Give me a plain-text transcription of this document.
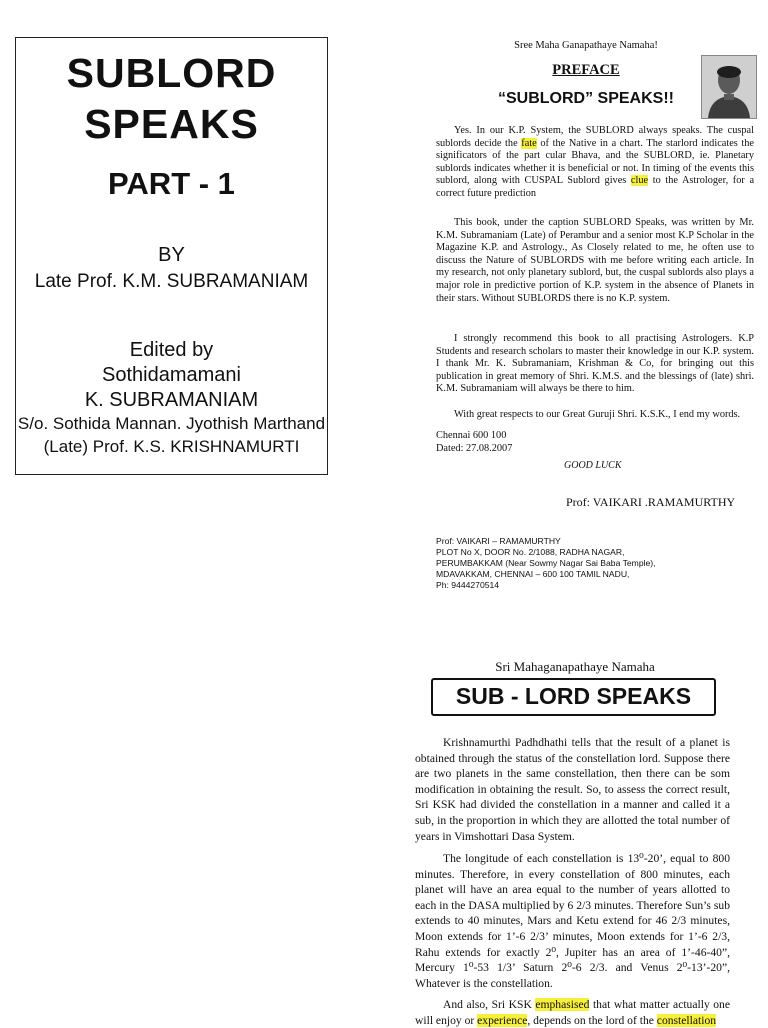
SUBLORD
SPEAKS
PART - 1
BY
Late Prof. K.M. SUBRAMANIAM
Edited by
Sothidamamani
K. SUBRAMANIAM
S/o. Sothida Mannan. Jyothish Marthand
(Late) Prof. K.S. KRISHNAMURTI
Sree Maha Ganapathaye Namaha!
PREFACE
“SUBLORD” SPEAKS!!

Yes. In our K.P. System, the SUBLORD always speaks. The cuspal sublords decide the fate of the Native in a chart. The starlord indicates the significators of the part cular Bhava, and the SUBLORD, ie. Planetary sublords indicates whether it is beneficial or not. In timing of the events this sublord, along with CUSPAL Sublord gives clue to the Astrologer, for a correct future prediction

This book, under the caption SUBLORD Speaks, was written by Mr. K.M. Subramaniam (Late) of Perambur and a senior most K.P Scholar in the Magazine K.P. and Astrology., As Closely related to me, he often use to discuss the Nature of SUBLORDS with me before writing each article. In my research, not only planetary sublord, but, the cuspal sublords also plays a major role in predictive portion of K.P. system in the absence of Planets in their stars. Without SUBLORDS there is no K.P. system.

I strongly recommend this book to all practising Astrologers. K.P Students and research scholars to master their knowledge in our K.P. system. I thank Mr. K. Subramaniam, Krishman & Co, for bringing out this publication in great memory of Shri. K.M.S. and the blessings of (late) shri. K.M. Subramaniam will always be there to him.

With great respects to our Great Guruji Shri. K.S.K., I end my words.

Chennai 600 100
Dated: 27.08.2007
GOOD LUCK
Prof: VAIKARI .RAMAMURTHY
Prof: VAIKARI – RAMAMURTHY
PLOT No X, DOOR No. 2/1088, RADHA NAGAR,
PERUMBAKKAM (Near Sowmy Nagar Sai Baba Temple),
MDAVAKKAM, CHENNAI – 600 100 TAMIL NADU,
Ph: 9444270514
Sri Mahaganapathaye Namaha
SUB - LORD SPEAKS

Krishnamurthi Padhdhathi tells that the result of a planet is obtained through the status of the constellation lord. Suppose there are two planets in the same constellation, then there can be som modification in obtaining the result. So, to assess the correct result, Sri KSK had divided the constellation in a manner and called it a sub, in the proportion in which they are allotted the total number of years in Vimshottari Dasa System.

The longitude of each constellation is 13⁰-20’, equal to 800 minutes. Therefore, in every constellation of 800 minutes, each planet will have an area equal to the number of years allotted to each in the DASA multiplied by 6 2/3 minutes. Therefore Sun’s sub extends to 40 minutes, Mars and Ketu extend for 46 2/3 minutes, Moon extends for 1’-6 2/3’ minutes, Moon extends for 1’-6 2/3, Rahu extends for exactly 2⁰, Jupiter has an area of 1’-46-40”, Mercury 1⁰-53 1/3’ Saturn 2⁰-6 2/3. and Venus 2⁰-13’-20”, Whatever is the constellation.

And also, Sri KSK emphasised that what matter actually one will enjoy or experience, depends on the lord of the constellation
